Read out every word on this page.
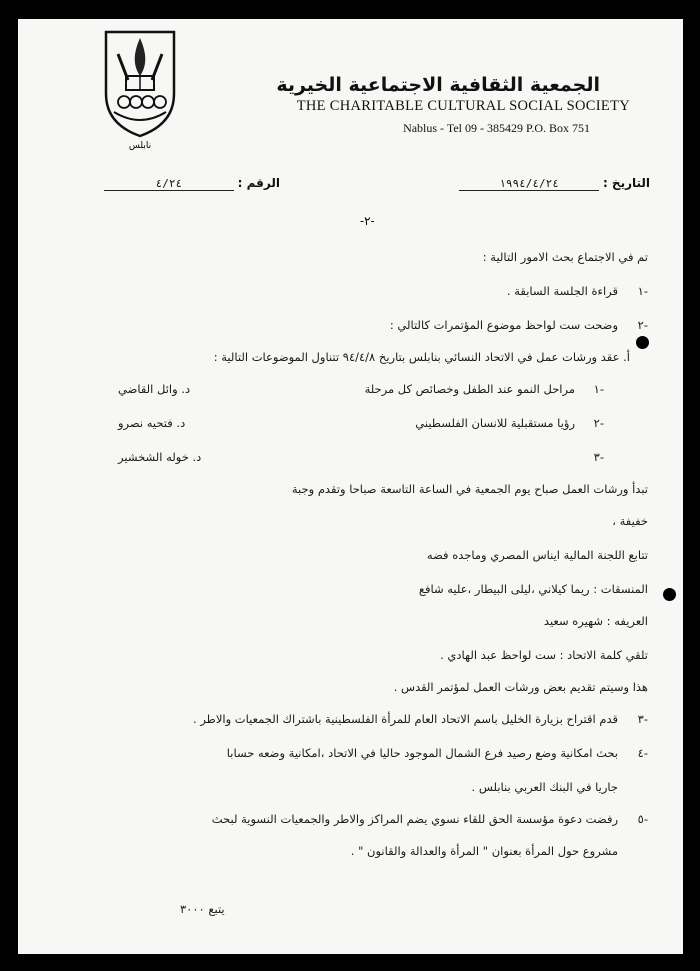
نابلس
الجمعية الثقافية الاجتماعية الخيرية
THE CHARITABLE CULTURAL SOCIAL SOCIETY
Nablus - Tel 09 - 385429 P.O. Box 751
التاريخ : ١٩٩٤/٤/٢٤
الرقم : ٤/٢٤
-٢-
تم في الاجتماع بحث الامور التالية :
-١
قراءة الجلسة السابقة .
-٢
وضحت ست لواحظ موضوع المؤتمرات كالتالي :
أ. عقد ورشات عمل في الاتحاد النسائي بنابلس بتاريخ ٩٤/٤/٨ تتناول الموضوعات التالية :
-١
مراحل النمو عند الطفل وخصائص كل مرحلة
د. وائل القاضي
-٢
رؤيا مستقبلية للانسان الفلسطيني
د. فتحيه نصرو
-٣
د. خوله الشخشير
تبدأ ورشات العمل صباح يوم الجمعية في الساعة التاسعة صباحا وتقدم وجبة
خفيفة ،
تتابع اللجنة المالية ايناس المصري وماجده فضه
المنسقات : ريما كيلاني ،ليلى البيطار ،عليه شافع
العريفه : شهيره سعيد
تلقي كلمة الاتحاد : ست لواحظ عبد الهادي .
هذا وسيتم تقديم بعض ورشات العمل لمؤتمر القدس .
-٣
قدم اقتراح بزيارة الخليل باسم الاتحاد العام للمرأة الفلسطينية باشتراك الجمعيات والاطر .
-٤
بحث امكانية وضع رصيد فرع الشمال الموجود حاليا في الاتحاد ،امكانية وضعه حسابا
جاريا في البنك العربي بنابلس .
-٥
رفضت دعوة مؤسسة الحق للقاء نسوي يضم المراكز والاطر والجمعيات النسوية لبحث
مشروع حول المرأة بعنوان " المرأة والعدالة والقانون " .
يتبع ٣٠٠٠
